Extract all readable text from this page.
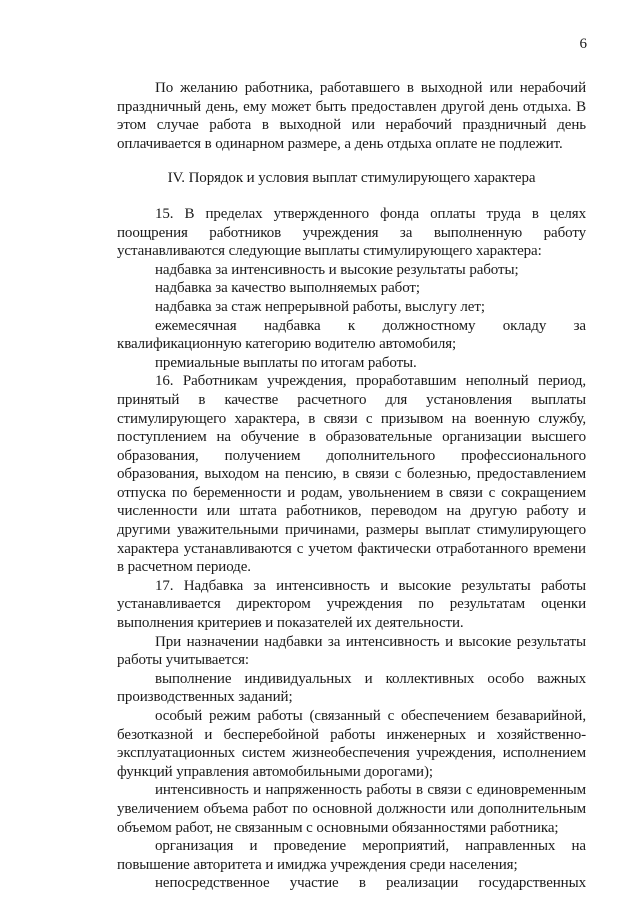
6

По желанию работника, работавшего в выходной или нерабочий праздничный день, ему может быть предоставлен другой день отдыха. В этом случае работа в выходной или нерабочий праздничный день оплачивается в одинарном размере, а день отдыха оплате не подлежит.

IV. Порядок и условия выплат стимулирующего характера

15. В пределах утвержденного фонда оплаты труда в целях поощрения работников учреждения за выполненную работу устанавливаются следующие выплаты стимулирующего характера:

надбавка за интенсивность и высокие результаты работы;

надбавка за качество выполняемых работ;

надбавка за стаж непрерывной работы, выслугу лет;

ежемесячная надбавка к должностному окладу за квалификационную категорию водителю автомобиля;

премиальные выплаты по итогам работы.

16. Работникам учреждения, проработавшим неполный период, принятый в качестве расчетного для установления выплаты стимулирующего характера, в связи с призывом на военную службу, поступлением на обучение в образовательные организации высшего образования, получением дополнительного профессионального образования, выходом на пенсию, в связи с болезнью, предоставлением отпуска по беременности и родам, увольнением в связи с сокращением численности или штата работников, переводом на другую работу и другими уважительными причинами, размеры выплат стимулирующего характера устанавливаются с учетом фактически отработанного времени в расчетном периоде.

17. Надбавка за интенсивность и высокие результаты работы устанавливается директором учреждения по результатам оценки выполнения критериев и показателей их деятельности.

При назначении надбавки за интенсивность и высокие результаты работы учитывается:

выполнение индивидуальных и коллективных особо важных производственных заданий;

особый режим работы (связанный с обеспечением безаварийной, безотказной и бесперебойной работы инженерных и хозяйственно-эксплуатационных систем жизнеобеспечения учреждения, исполнением функций управления автомобильными дорогами);

интенсивность и напряженность работы в связи с единовременным увеличением объема работ по основной должности или дополнительным объемом работ, не связанным с основными обязанностями работника;

организация и проведение мероприятий, направленных на повышение авторитета и имиджа учреждения среди населения;

непосредственное участие в реализации государственных
